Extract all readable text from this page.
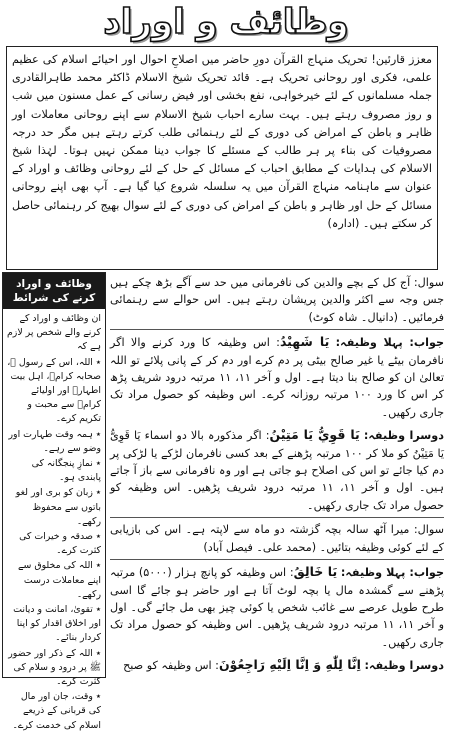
وظائف و اوراد
معزز قارئین! تحریک منہاج القرآن دورِ حاضر میں اصلاحِ احوال اور احیائے اسلام کی عظیم علمی، فکری اور روحانی تحریک ہے۔ قائد تحریک شیخ الاسلام ڈاکٹر محمد طاہرالقادری جملہ مسلمانوں کے لئے خیرخواہی، نفع بخشی اور فیض رسانی کے عمل مسنون میں شب و روز مصروف رہتے ہیں۔ بہت سارے احباب شیخ الاسلام سے اپنے روحانی معاملات اور ظاہر و باطن کے امراض کی دوری کے لئے رہنمائی طلب کرتے رہتے ہیں مگر حد درجہ مصروفیات کی بناء پر ہر طالب کے مسئلے کا جواب دینا ممکن نہیں ہوتا۔ لہٰذا شیخ الاسلام کی ہدایات کے مطابق احباب کے مسائل کے حل کے لئے روحانی وظائف و اوراد کے عنوان سے ماہنامہ منہاج القرآن میں یہ سلسلہ شروع کیا گیا ہے۔ آپ بھی اپنے روحانی مسائل کے حل اور ظاہر و باطن کے امراض کی دوری کے لئے سوال بھیج کر رہنمائی حاصل کر سکتے ہیں۔ (ادارہ)
وظائف و اوراد کرنے کی شرائط

ان وظائف و اوراد کے کرنے والے شخص پر لازم ہے کہ

٭ اللہ، اس کے رسول ﷺ، صحابہ کرامؓ، اہل بیت اطہارؓ اور اولیائے کرامؒ سے محبت و تکریم کرے۔

٭ ہمہ وقت طہارت اور وضو سے رہے۔

٭ نمازِ پنجگانہ کی پابندی ہو۔

٭ زبان کو بری اور لغو باتوں سے محفوظ رکھے۔

٭ صدقہ و خیرات کی کثرت کرے۔

٭ اللہ کی مخلوق سے اپنے معاملات درست رکھے۔

٭ تقویٰ، امانت و دیانت اور اخلاق اقدار کو اپنا کردار بنائے۔

٭ اللہ کے ذکر اور حضور ﷺ پر درود و سلام کی کثرت کرے۔

٭ وقت، جان اور مال کی قربانی کے ذریعے اسلام کی خدمت کرے۔

سوال: آج کل کے بچے والدین کی نافرمانی میں حد سے آگے بڑھ چکے ہیں جس وجہ سے اکثر والدین پریشان رہتے ہیں۔ اس حوالے سے رہنمائی فرمائیں۔ (دانیال۔ شاہ کوٹ)

جواب: پہلا وظیفہ: يَا شَهِيْدُ: اس وظیفہ کا ورد کرنے والا اگر نافرمان بیٹے یا غیر صالح بیٹی پر دم کرے اور دم کر کے پانی پلائے تو اللہ تعالیٰ ان کو صالح بنا دیتا ہے۔ اول و آخر ۱۱، ۱۱ مرتبہ درود شریف پڑھ کر اس کا ورد ۱۰۰ مرتبہ روزانہ کرے۔ اس وظیفہ کو حصول مراد تک جاری رکھیں۔

دوسرا وظیفہ: يَا قَوِيُّ يَا مَتِيْنُ: اگر مذکورہ بالا دو اسماء یَا قَوِیُّ یَا مَتِیْنُ کو ملا کر ۱۰۰ مرتبہ پڑھنے کے بعد کسی نافرمان لڑکے یا لڑکی پر دم کیا جائے تو اس کی اصلاح ہو جاتی ہے اور وہ نافرمانی سے باز آ جاتے ہیں۔ اول و آخر ۱۱، ۱۱ مرتبہ درود شریف پڑھیں۔ اس وظیفہ کو حصول مراد تک جاری رکھیں۔

سوال: میرا آٹھ سالہ بچہ گزشتہ دو ماہ سے لاپتہ ہے۔ اس کی بازیابی کے لئے کوئی وظیفہ بتائیں۔ (محمد علی۔ فیصل آباد)

جواب: پہلا وظیفہ: يَا خَالِقُ: اس وظیفہ کو پانچ ہزار (۵۰۰۰) مرتبہ پڑھنے سے گمشدہ مال یا بچہ لوٹ آتا ہے اور حاضر ہو جائے گا اسی طرح طویل عرصے سے غائب شخص یا کوئی چیز بھی مل جائے گی۔ اول و آخر ۱۱، ۱۱ مرتبہ درود شریف پڑھیں۔ اس وظیفہ کو حصول مراد تک جاری رکھیں۔

دوسرا وظیفہ: اِنَّا لِلّٰهِ وَ اِنَّا اِلَيْهِ رَاجِعُوْنَ: اس وظیفہ کو صبح
